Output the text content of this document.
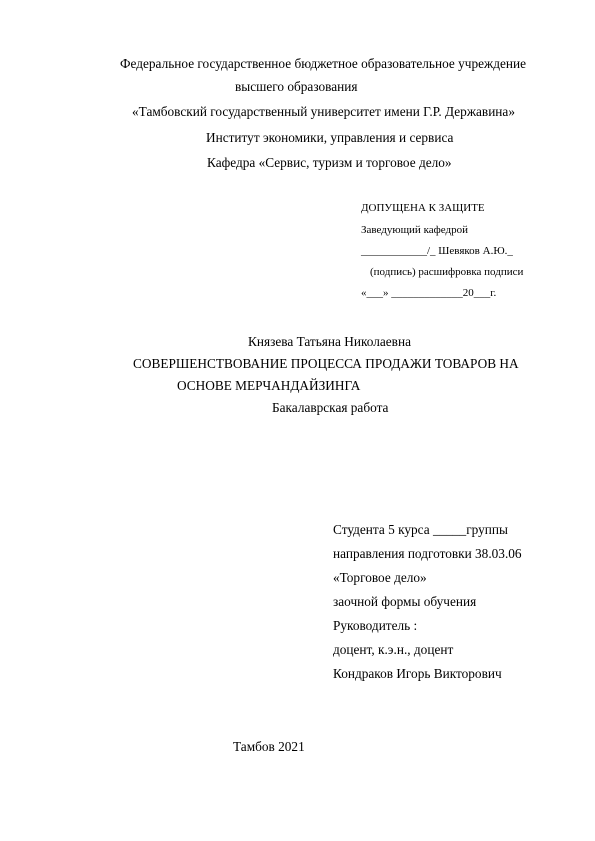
Федеральное государственное бюджетное образовательное учреждение
высшего образования
«Тамбовский государственный университет имени Г.Р. Державина»
Институт экономики, управления и сервиса
Кафедра «Сервис, туризм и торговое дело»
ДОПУЩЕНА К ЗАЩИТЕ
Заведующий кафедрой
____________/_ Шевяков А.Ю._
(подпись) расшифровка подписи
«___» _____________20___г.
Князева Татьяна Николаевна
СОВЕРШЕНСТВОВАНИЕ ПРОЦЕССА ПРОДАЖИ ТОВАРОВ НА
ОСНОВЕ МЕРЧАНДАЙЗИНГА
Бакалаврская работа
Студента 5 курса _____группы
направления подготовки 38.03.06
«Торговое дело»
заочной формы обучения
Руководитель :
доцент, к.э.н., доцент
Кондраков Игорь Викторович
Тамбов 2021
